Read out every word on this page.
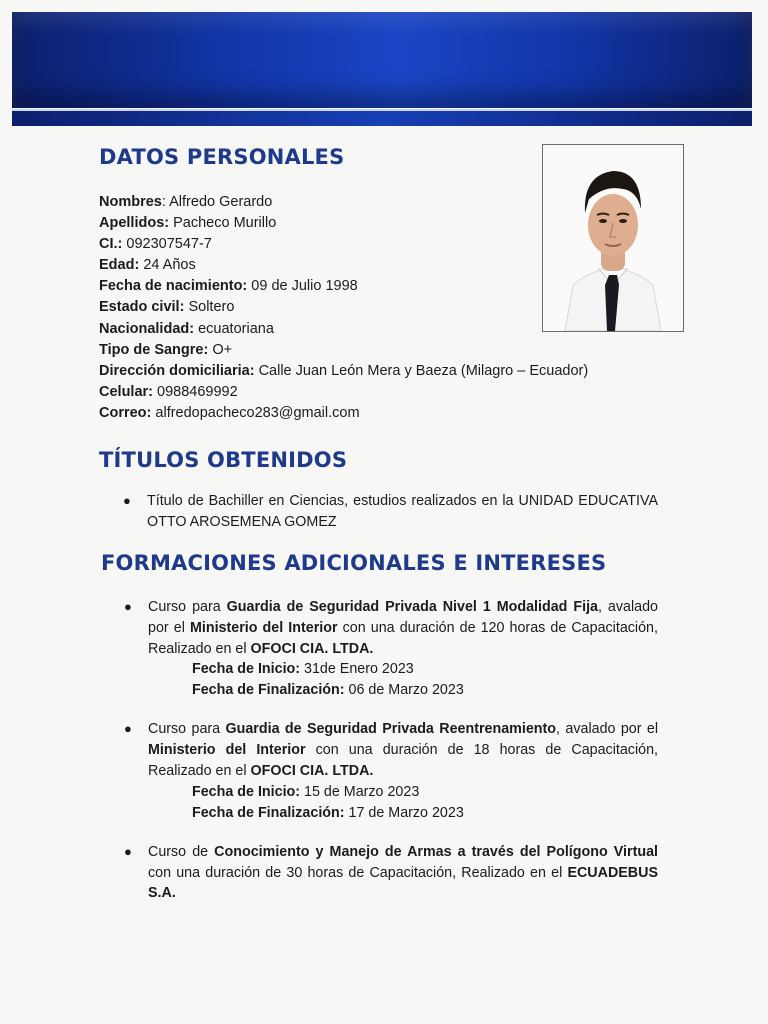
DATOS PERSONALES
Nombres: Alfredo Gerardo
Apellidos: Pacheco Murillo
CI.: 092307547-7
Edad: 24 Años
Fecha de nacimiento: 09 de Julio 1998
Estado civil: Soltero
Nacionalidad: ecuatoriana
Tipo de Sangre: O+
Dirección domiciliaria: Calle Juan León Mera y Baeza (Milagro – Ecuador)
Celular: 0988469992
Correo: alfredopacheco283@gmail.com
TÍTULOS OBTENIDOS
● Título de Bachiller en Ciencias, estudios realizados en la UNIDAD EDUCATIVA OTTO AROSEMENA GOMEZ
FORMACIONES ADICIONALES E INTERESES
● Curso para Guardia de Seguridad Privada Nivel 1 Modalidad Fija, avalado por el Ministerio del Interior con una duración de 120 horas de Capacitación, Realizado en el OFOCI CIA. LTDA.
Fecha de Inicio: 31de Enero 2023
Fecha de Finalización: 06 de Marzo 2023
● Curso para Guardia de Seguridad Privada Reentrenamiento, avalado por el Ministerio del Interior con una duración de 18 horas de Capacitación, Realizado en el OFOCI CIA. LTDA.
Fecha de Inicio: 15 de Marzo 2023
Fecha de Finalización: 17 de Marzo 2023
● Curso de Conocimiento y Manejo de Armas a través del Polígono Virtual con una duración de 30 horas de Capacitación, Realizado en el ECUADEBUS S.A.
